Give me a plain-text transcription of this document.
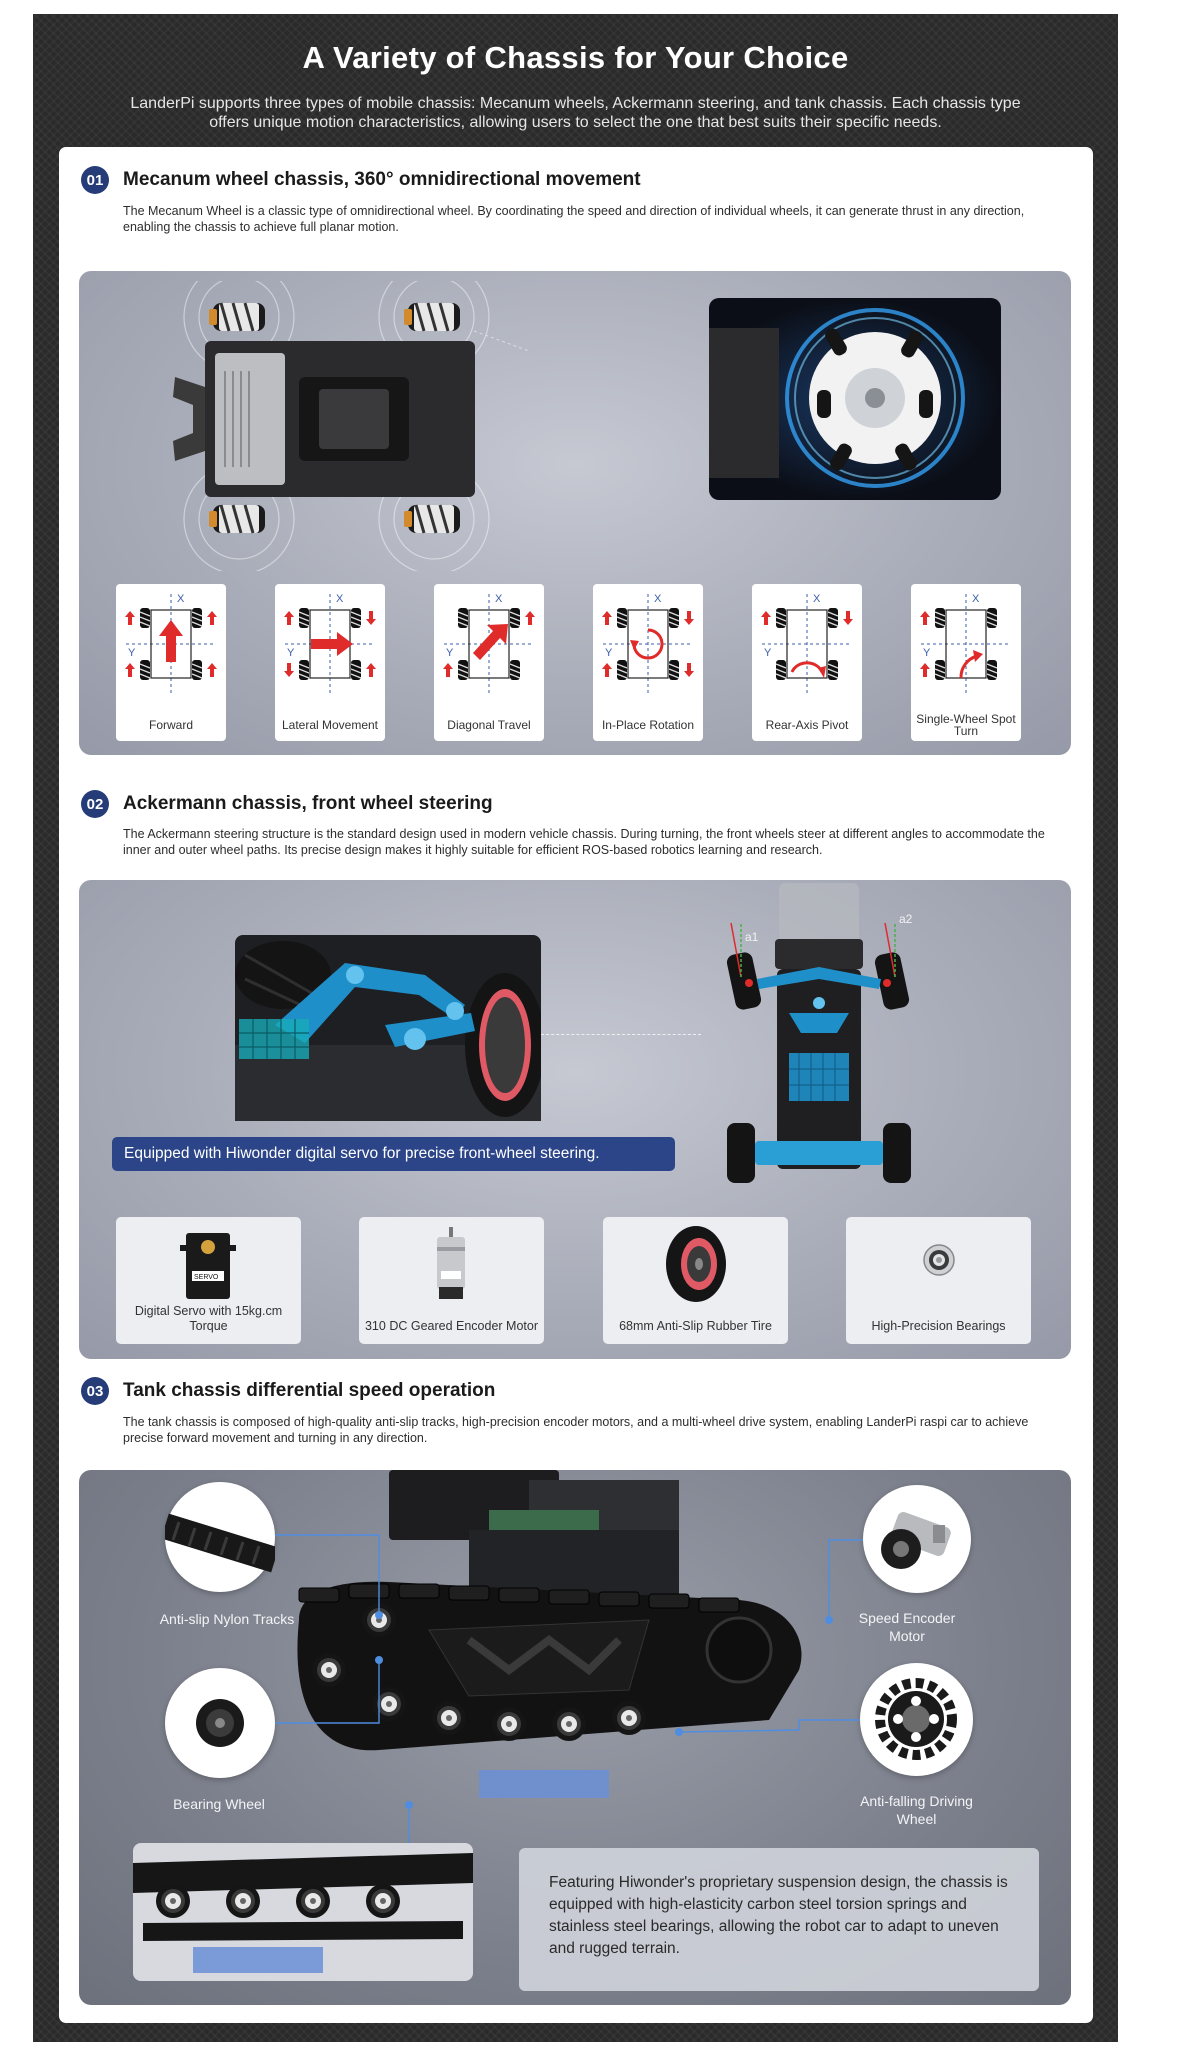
A Variety of Chassis for Your Choice

LanderPi supports three types of mobile chassis: Mecanum wheels, Ackermann steering, and tank chassis. Each chassis type offers unique motion characteristics, allowing users to select the one that best suits their specific needs.

01 Mecanum wheel chassis, 360° omnidirectional movement

The Mecanum Wheel is a classic type of omnidirectional wheel. By coordinating the speed and direction of individual wheels, it can generate thrust in any direction, enabling the chassis to achieve full planar motion.

X
Y
Forward
X
Y
Lateral Movement
X
Y
Diagonal Travel
X
Y
In-Place Rotation
X
Y
Rear-Axis Pivot
X
Y
Single-Wheel Spot Turn
02 Ackermann chassis, front wheel steering

The Ackermann steering structure is the standard design used in modern vehicle chassis. During turning, the front wheels steer at different angles to accommodate the inner and outer wheel paths. Its precise design makes it highly suitable for efficient ROS-based robotics learning and research.

a1
a2
Equipped with Hiwonder digital servo for precise front-wheel steering.
SERVO
Digital Servo with 15kg.cm Torque	310 DC Geared Encoder Motor	68mm Anti-Slip Rubber Tire	High-Precision Bearings
03 Tank chassis differential speed operation

The tank chassis is composed of high-quality anti-slip tracks, high-precision encoder motors, and a multi-wheel drive system, enabling LanderPi raspi car to achieve precise forward movement and turning in any direction.

Anti-slip Nylon Tracks	Speed Encoder Motor
Bearing Wheel	Anti-falling Driving Wheel
Featuring Hiwonder's proprietary suspension design, the chassis is equipped with high-elasticity carbon steel torsion springs and stainless steel bearings, allowing the robot car to adapt to uneven and rugged terrain.
